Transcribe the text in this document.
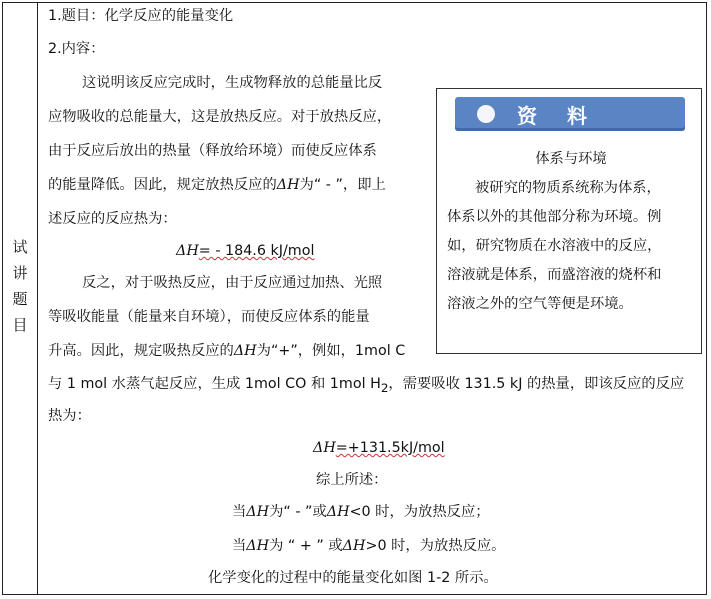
试
讲
题
目
1.题目：化学反应的能量变化
2.内容：
这说明该反应完成时，生成物释放的总能量比反
应物吸收的总能量大，这是放热反应。对于放热反应，
由于反应后放出的热量（释放给环境）而使反应体系
的能量降低。因此，规定放热反应的ΔH为“ - ”，即上
述反应的反应热为：
ΔH= - 184.6 kJ/mol
反之，对于吸热反应，由于反应通过加热、光照
等吸收能量（能量来自环境），而使反应体系的能量
升高。因此，规定吸热反应的ΔH为“+”，例如，1mol C
与 1 mol 水蒸气起反应，生成 1mol CO 和 1mol $H_2$，需要吸收 131.5 kJ 的热量，即该反应的反应
热为：
ΔH=+131.5kJ/mol
综上所述：
当ΔH为“ - ”或ΔH<0 时，为放热反应；
当ΔH为 “ + ” 或ΔH>0 时，为放热反应。
化学变化的过程中的能量变化如图 1-2 所示。
资料
体系与环境
被研究的物质系统称为体系，
体系以外的其他部分称为环境。例
如，研究物质在水溶液中的反应，
溶液就是体系，而盛溶液的烧杯和
溶液之外的空气等便是环境。
